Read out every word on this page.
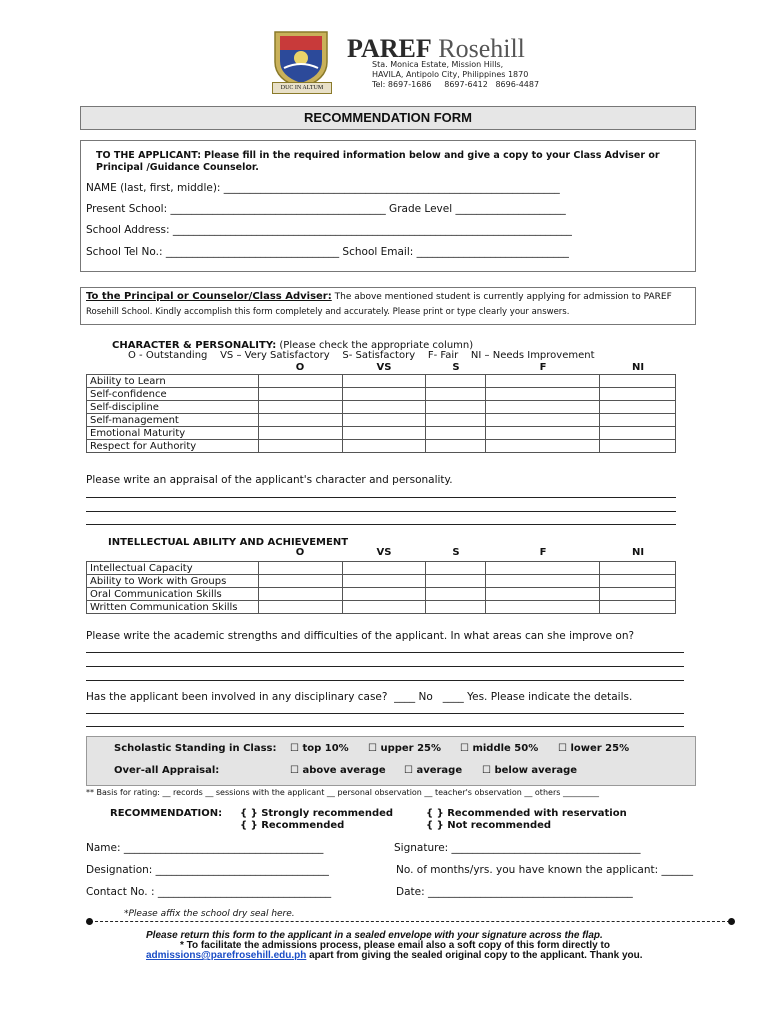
DUC IN ALTUM
PAREF Rosehill
Sta. Monica Estate, Mission Hills,
HAVILA, Antipolo City, Philippines 1870
Tel: 8697-1686     8697-6412   8696-4487
RECOMMENDATION FORM
TO THE APPLICANT: Please fill in the required information below and give a copy to your Class Adviser or
Principal /Guidance Counselor.
NAME (last, first, middle): ________________________________________________________________
Present School: _________________________________________ Grade Level _____________________
School Address: ____________________________________________________________________________
School Tel No.: _________________________________ School Email: _____________________________
To the Principal or Counselor/Class Adviser: The above mentioned student is currently applying for admission to PAREF
Rosehill School. Kindly accomplish this form completely and accurately. Please print or type clearly your answers.
CHARACTER & PERSONALITY: (Please check the appropriate column)
O - Outstanding    VS – Very Satisfactory    S- Satisfactory    F- Fair    NI – Needs Improvement
O	VS	S	F	NI
Ability to Learn					
Self-confidence					
Self-discipline					
Self-management					
Emotional Maturity					
Respect for Authority					
Please write an appraisal of the applicant's character and personality.
INTELLECTUAL ABILITY AND ACHIEVEMENT
O	VS	S	F	NI
Intellectual Capacity					
Ability to Work with Groups					
Oral Communication Skills					
Written Communication Skills					
Please write the academic strengths and difficulties of the applicant. In what areas can she improve on?
Has the applicant been involved in any disciplinary case?  ____ No   ____ Yes. Please indicate the details.
Scholastic Standing in Class: ☐ top 10% ☐ upper 25% ☐ middle 50% ☐ lower 25%
Over-all Appraisal:	☐ above average ☐ average ☐ below average
** Basis for rating: __ records __ sessions with the applicant __ personal observation __ teacher's observation __ others _________
RECOMMENDATION: { } Strongly recommended
{ } Recommended
{ } Recommended with reservation
{ } Not recommended
Name: ______________________________________	Signature: ____________________________________
Designation: _________________________________	No. of months/yrs. you have known the applicant: ______
Contact No. : _________________________________	Date: _______________________________________
*Please affix the school dry seal here.
Please return this form to the applicant in a sealed envelope with your signature across the flap.
* To facilitate the admissions process, please email also a soft copy of this form directly to
admissions@parefrosehill.edu.ph apart from giving the sealed original copy to the applicant. Thank you.
